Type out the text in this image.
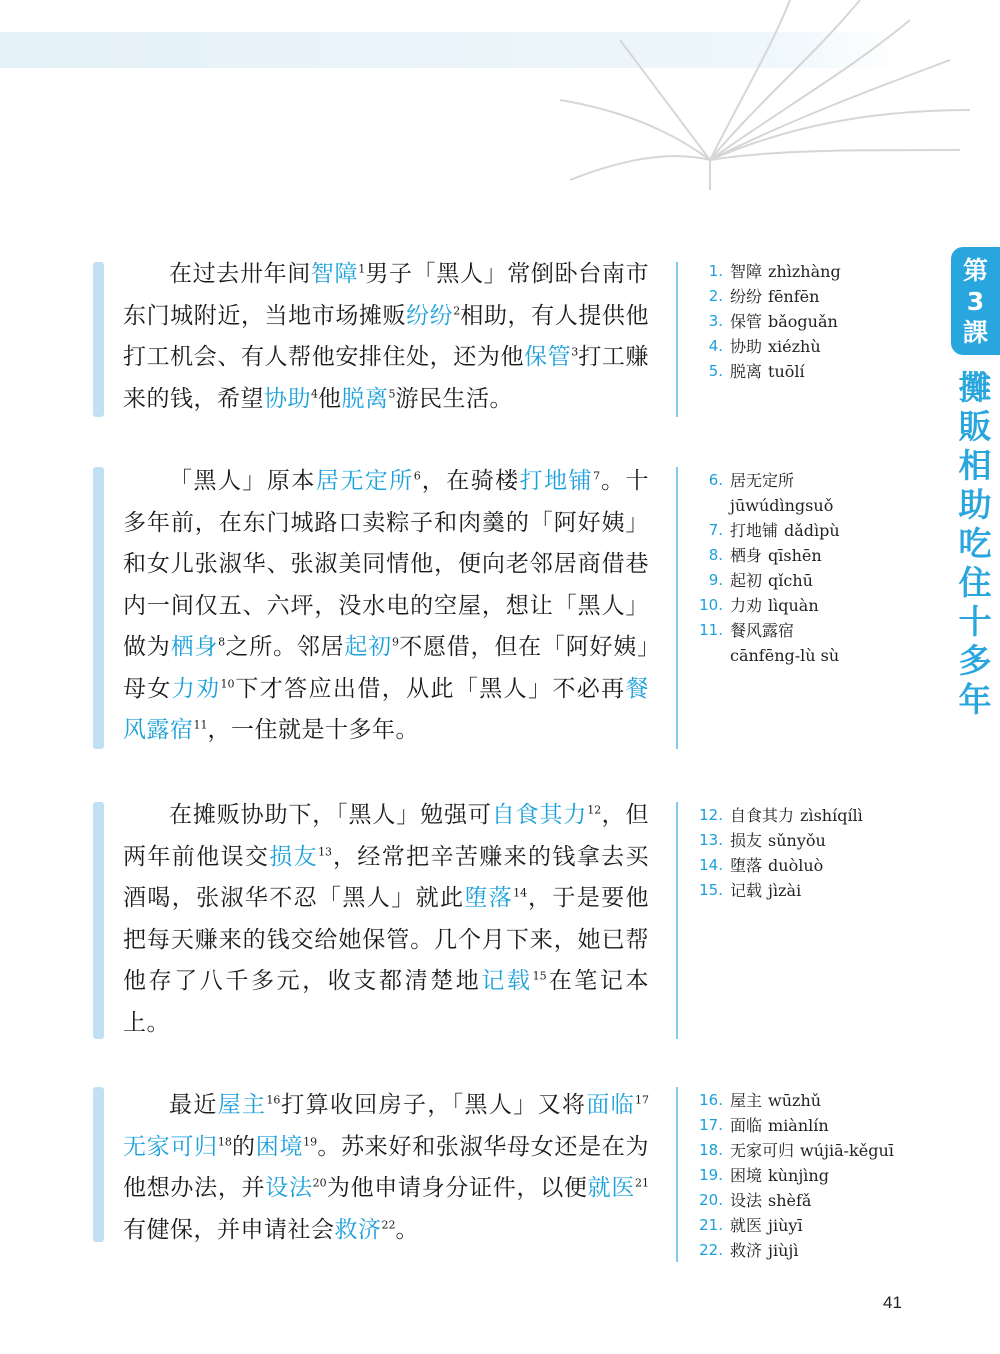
第
3
課
攤
販
相
助
吃
住
十
多
年

在过去卅年间智障$^1$男子「黑人」常倒卧台南市东门城附近，当地市场摊贩纷纷$^2$相助，有人提供他打工机会、有人帮他安排住处，还为他保管$^3$打工赚来的钱，希望协助$^4$他脱离$^5$游民生活。

1. 智障 zhìzhàng
2. 纷纷 fēnfēn
3. 保管 bǎoguǎn
4. 协助 xiézhù
5. 脱离 tuōlí

「黑人」原本居无定所$^6$，在骑楼打地铺$^7$。十多年前，在东门城路口卖粽子和肉羹的「阿好姨」和女儿张淑华、张淑美同情他，便向老邻居商借巷内一间仅五、六坪，没水电的空屋，想让「黑人」做为栖身$^8$之所。邻居起初$^9$不愿借，但在「阿好姨」母女力劝$^{10}$下才答应出借，从此「黑人」不必再餐风露宿$^{11}$，一住就是十多年。

6. 居无定所
jūwúdìngsuǒ
7. 打地铺 dǎdìpù
8. 栖身 qīshēn
9. 起初 qǐchū
10. 力劝 lìquàn
11. 餐风露宿
cānfēng-lù sù

在摊贩协助下，「黑人」勉强可自食其力$^{12}$，但两年前他误交损友$^{13}$，经常把辛苦赚来的钱拿去买酒喝，张淑华不忍「黑人」就此堕落$^{14}$，于是要他把每天赚来的钱交给她保管。几个月下来，她已帮他存了八千多元，收支都清楚地记载$^{15}$在笔记本上。

12. 自食其力 zìshíqílì
13. 损友 sǔnyǒu
14. 堕落 duòluò
15. 记载 jìzài

最近屋主$^{16}$打算收回房子，「黑人」又将面临$^{17}$无家可归$^{18}$的困境$^{19}$。苏来好和张淑华母女还是在为他想办法，并设法$^{20}$为他申请身分证件，以便就医$^{21}$有健保，并申请社会救济$^{22}$。

16. 屋主 wūzhǔ
17. 面临 miànlín
18. 无家可归 wújiā-kěguī
19. 困境 kùnjìng
20. 设法 shèfǎ
21. 就医 jiùyī
22. 救济 jiùjì
41
